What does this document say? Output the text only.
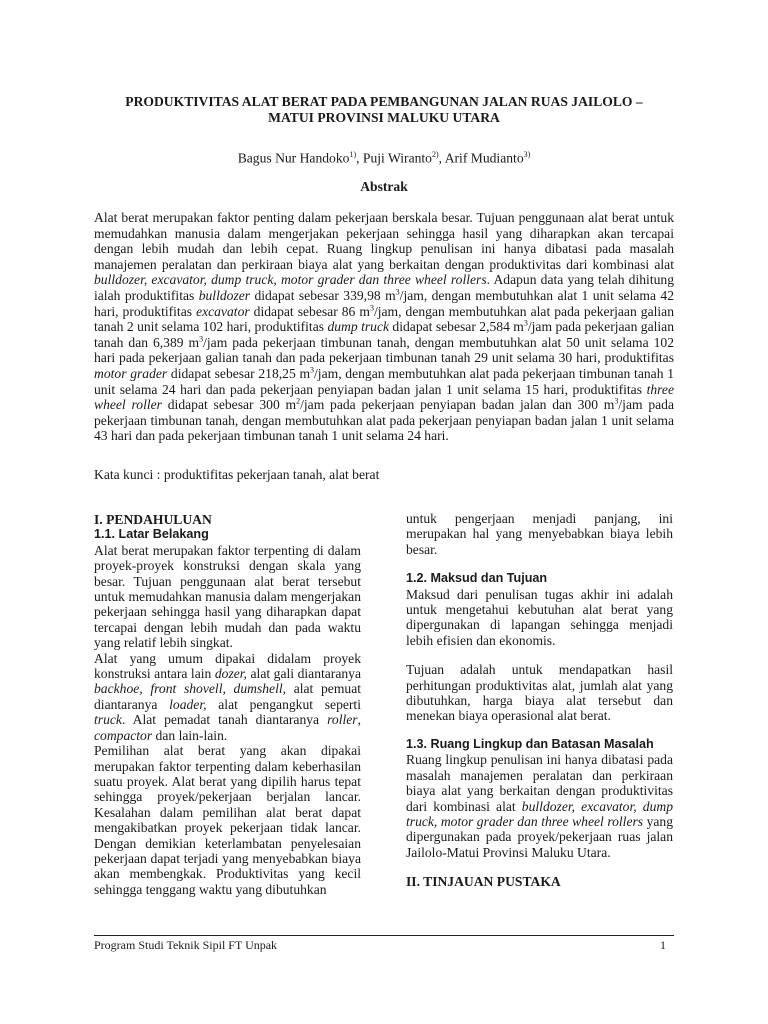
PRODUKTIVITAS ALAT BERAT PADA PEMBANGUNAN JALAN RUAS JAILOLO –
MATUI PROVINSI MALUKU UTARA
Bagus Nur Handoko$^{1)}$, Puji Wiranto$^{2)}$, Arif Mudianto$^{3)}$
Abstrak
Alat berat merupakan faktor penting dalam pekerjaan berskala besar. Tujuan penggunaan alat berat untuk memudahkan manusia dalam mengerjakan pekerjaan sehingga hasil yang diharapkan akan tercapai dengan lebih mudah dan lebih cepat. Ruang lingkup penulisan ini hanya dibatasi pada masalah manajemen peralatan dan perkiraan biaya alat yang berkaitan dengan produktivitas dari kombinasi alat bulldozer, excavator, dump truck, motor grader dan three wheel rollers. Adapun data yang telah dihitung ialah produktifitas bulldozer didapat sebesar 339,98 $m^3$/jam, dengan membutuhkan alat 1 unit selama 42 hari, produktifitas excavator didapat sebesar 86 $m^3$/jam, dengan membutuhkan alat pada pekerjaan galian tanah 2 unit selama 102 hari, produktifitas dump truck didapat sebesar 2,584 $m^3$/jam pada pekerjaan galian tanah dan 6,389 $m^3$/jam pada pekerjaan timbunan tanah, dengan membutuhkan alat 50 unit selama 102 hari pada pekerjaan galian tanah dan pada pekerjaan timbunan tanah 29 unit selama 30 hari, produktifitas motor grader didapat sebesar 218,25 $m^3$/jam, dengan membutuhkan alat pada pekerjaan timbunan tanah 1 unit selama 24 hari dan pada pekerjaan penyiapan badan jalan 1 unit selama 15 hari, produktifitas three wheel roller didapat sebesar 300 $m^2$/jam pada pekerjaan penyiapan badan jalan dan 300 $m^3$/jam pada pekerjaan timbunan tanah, dengan membutuhkan alat pada pekerjaan penyiapan badan jalan 1 unit selama 43 hari dan pada pekerjaan timbunan tanah 1 unit selama 24 hari.
Kata kunci : produktifitas pekerjaan tanah, alat berat

I. PENDAHULUAN

1.1. Latar Belakang

Alat berat merupakan faktor terpenting di dalam proyek-proyek konstruksi dengan skala yang besar. Tujuan penggunaan alat berat tersebut untuk memudahkan manusia dalam mengerjakan pekerjaan sehingga hasil yang diharapkan dapat tercapai dengan lebih mudah dan pada waktu yang relatif lebih singkat.

Alat yang umum dipakai didalam proyek konstruksi antara lain dozer, alat gali diantaranya backhoe, front shovell, dumshell, alat pemuat diantaranya loader, alat pengangkut seperti truck. Alat pemadat tanah diantaranya roller, compactor dan lain-lain.

Pemilihan alat berat yang akan dipakai merupakan faktor terpenting dalam keberhasilan suatu proyek. Alat berat yang dipilih harus tepat sehingga proyek/pekerjaan berjalan lancar. Kesalahan dalam pemilihan alat berat dapat mengakibatkan proyek pekerjaan tidak lancar. Dengan demikian keterlambatan penyelesaian pekerjaan dapat terjadi yang menyebabkan biaya akan membengkak. Produktivitas yang kecil sehingga tenggang waktu yang dibutuhkan

untuk pengerjaan menjadi panjang, ini merupakan hal yang menyebabkan biaya lebih besar.

1.2. Maksud dan Tujuan

Maksud dari penulisan tugas akhir ini adalah untuk mengetahui kebutuhan alat berat yang dipergunakan di lapangan sehingga menjadi lebih efisien dan ekonomis.

Tujuan adalah untuk mendapatkan hasil perhitungan produktivitas alat, jumlah alat yang dibutuhkan, harga biaya alat tersebut dan menekan biaya operasional alat berat.

1.3. Ruang Lingkup dan Batasan Masalah

Ruang lingkup penulisan ini hanya dibatasi pada masalah manajemen peralatan dan perkiraan biaya alat yang berkaitan dengan produktivitas dari kombinasi alat bulldozer, excavator, dump truck, motor grader dan three wheel rollers yang dipergunakan pada proyek/pekerjaan ruas jalan Jailolo-Matui Provinsi Maluku Utara.

II. TINJAUAN PUSTAKA

Program Studi Teknik Sipil FT Unpak	1
